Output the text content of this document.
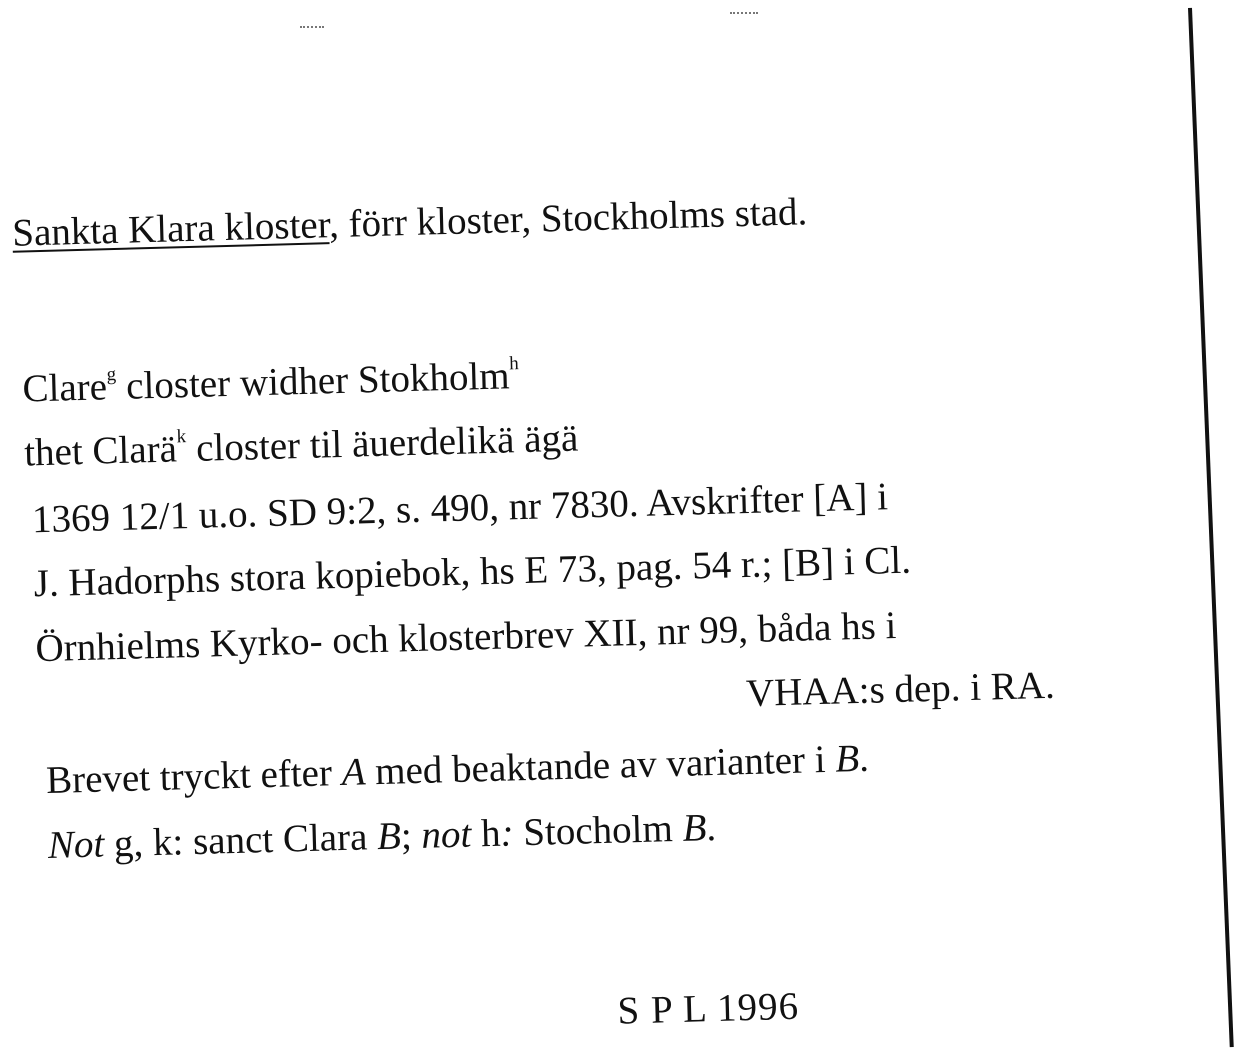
Sankta Klara kloster, förr kloster, Stockholms stad.
Clare$^g$ closter widher Stokholm$^h$
thet Clarä$^k$ closter til äuerdelikä ägä
1369 12/1 u.o. SD 9:2, s. 490, nr 7830. Avskrifter [A] i
J. Hadorphs stora kopiebok, hs E 73, pag. 54 r.; [B] i Cl.
Örnhielms Kyrko- och klosterbrev XII, nr 99, båda hs i
VHAA:s dep. i RA.
Brevet tryckt efter A med beaktande av varianter i B.
Not g, k: sanct Clara B; not h: Stocholm B.
S P L 1996
